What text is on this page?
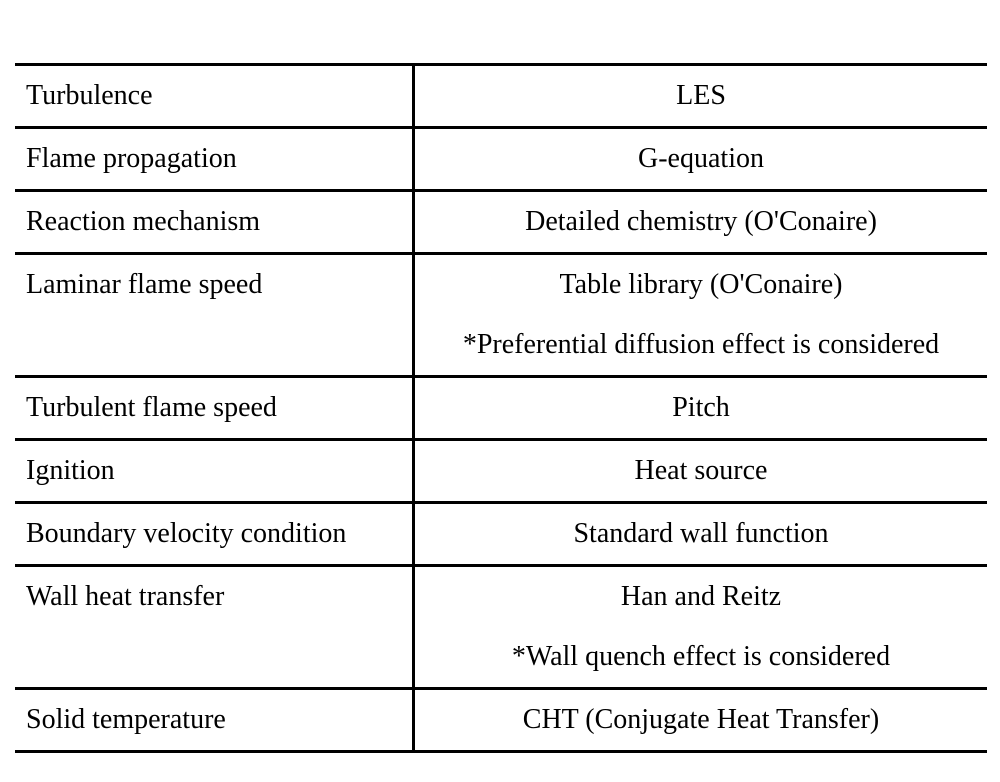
Turbulence	LES
Flame propagation	G-equation
Reaction mechanism	Detailed chemistry (O'Conaire)
Laminar flame speed	Table library (O'Conaire)
*Preferential diffusion effect is considered
Turbulent flame speed	Pitch
Ignition	Heat source
Boundary velocity condition	Standard wall function
Wall heat transfer	Han and Reitz
*Wall quench effect is considered
Solid temperature	CHT (Conjugate Heat Transfer)
